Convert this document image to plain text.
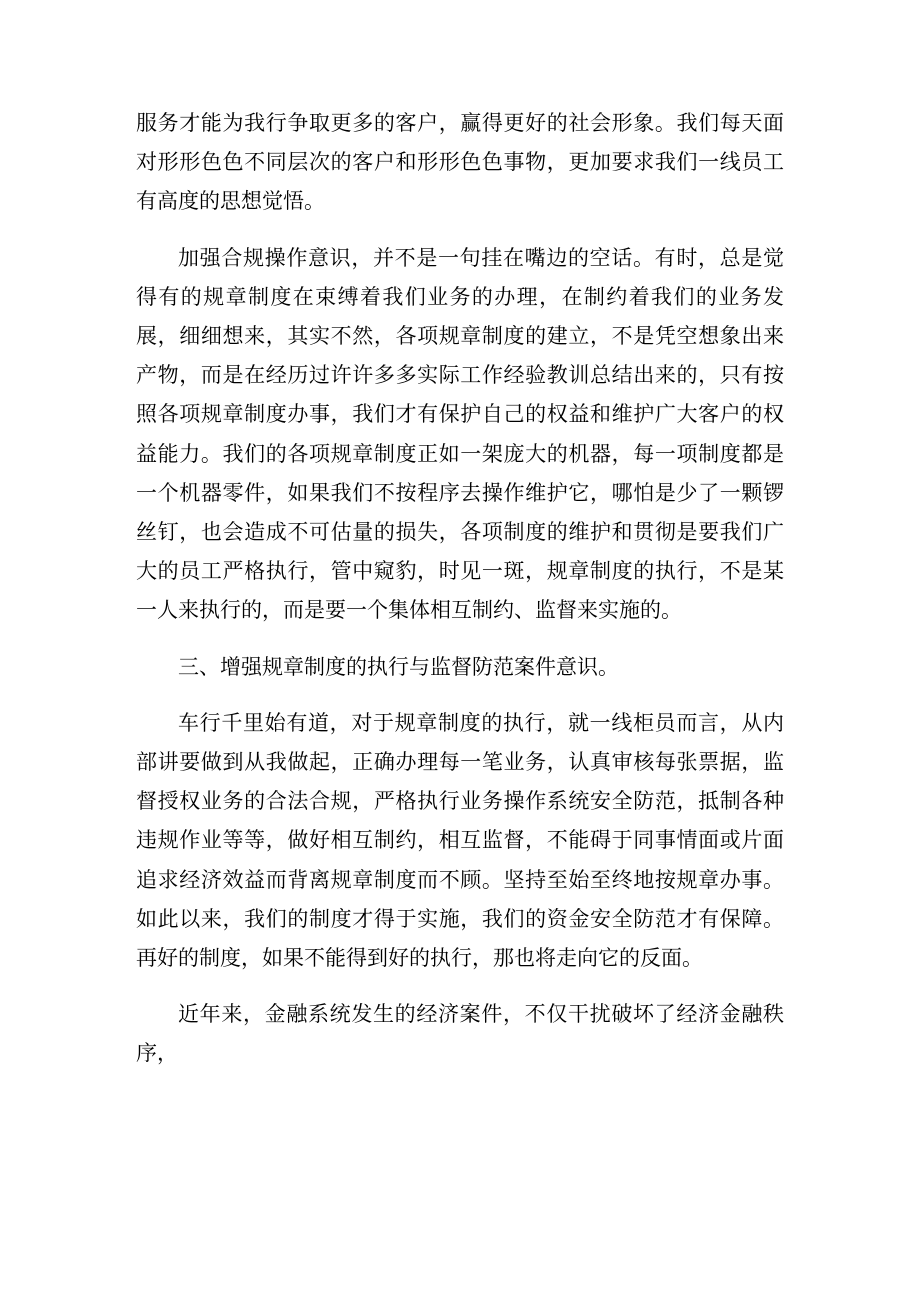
服务才能为我行争取更多的客户，赢得更好的社会形象。我们每天面对形形色色不同层次的客户和形形色色事物，更加要求我们一线员工有高度的思想觉悟。

加强合规操作意识，并不是一句挂在嘴边的空话。有时，总是觉得有的规章制度在束缚着我们业务的办理，在制约着我们的业务发展，细细想来，其实不然，各项规章制度的建立，不是凭空想象出来产物，而是在经历过许许多多实际工作经验教训总结出来的，只有按照各项规章制度办事，我们才有保护自己的权益和维护广大客户的权益能力。我们的各项规章制度正如一架庞大的机器，每一项制度都是一个机器零件，如果我们不按程序去操作维护它，哪怕是少了一颗锣丝钉，也会造成不可估量的损失，各项制度的维护和贯彻是要我们广大的员工严格执行，管中窥豹，时见一斑，规章制度的执行，不是某一人来执行的，而是要一个集体相互制约、监督来实施的。

三、增强规章制度的执行与监督防范案件意识。

车行千里始有道，对于规章制度的执行，就一线柜员而言，从内部讲要做到从我做起，正确办理每一笔业务，认真审核每张票据，监督授权业务的合法合规，严格执行业务操作系统安全防范，抵制各种违规作业等等，做好相互制约，相互监督，不能碍于同事情面或片面追求经济效益而背离规章制度而不顾。坚持至始至终地按规章办事。如此以来，我们的制度才得于实施，我们的资金安全防范才有保障。再好的制度，如果不能得到好的执行，那也将走向它的反面。

近年来，金融系统发生的经济案件，不仅干扰破坏了经济金融秩序，
